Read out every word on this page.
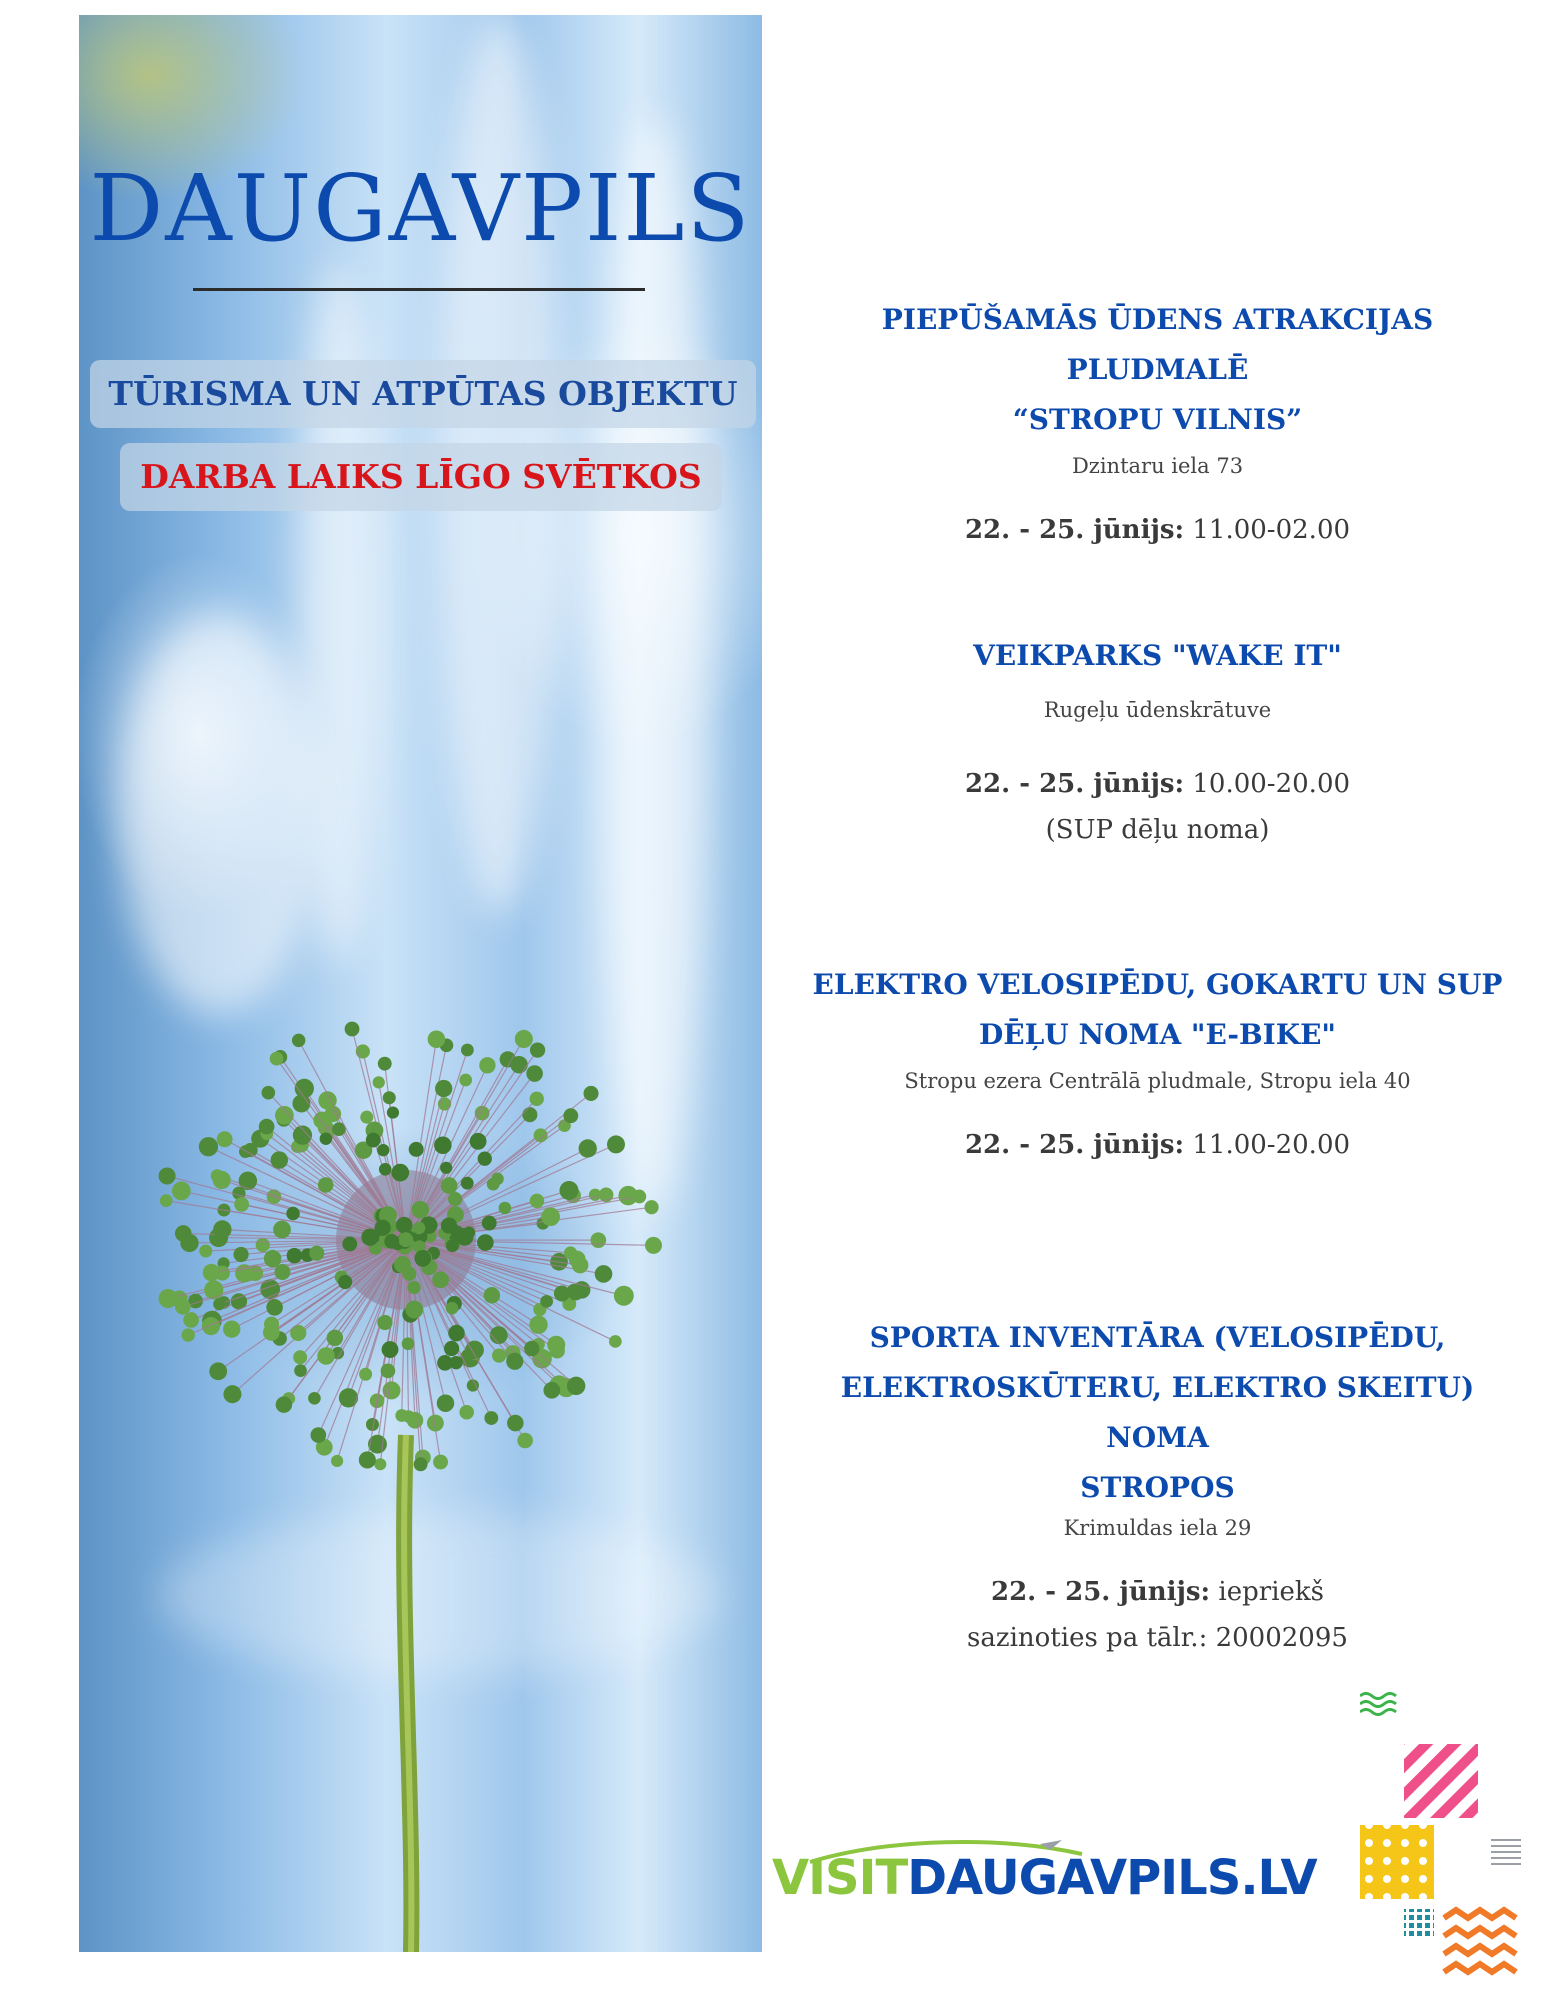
DAUGAVPILS
TŪRISMA UN ATPŪTAS OBJEKTU
DARBA LAIKS LĪGO SVĒTKOS

PIEPŪŠAMĀS ŪDENS ATRAKCIJAS PLUDMALĒ
“STROPU VILNIS”

Dzintaru iela 73

22. - 25. jūnijs: 11.00-02.00

VEIKPARKS "WAKE IT"

Rugeļu ūdenskrātuve

22. - 25. jūnijs: 10.00-20.00

(SUP dēļu noma)

ELEKTRO VELOSIPĒDU, GOKARTU UN SUP
DĒĻU NOMA "E-BIKE"

Stropu ezera Centrālā pludmale, Stropu iela 40

22. - 25. jūnijs: 11.00-20.00

SPORTA INVENTĀRA (VELOSIPĒDU,
ELEKTROSKŪTERU, ELEKTRO SKEITU) NOMA
STROPOS

Krimuldas iela 29

22. - 25. jūnijs: iepriekš

sazinoties pa tālr.: 20002095

VISITDAUGAVPILS.LV
